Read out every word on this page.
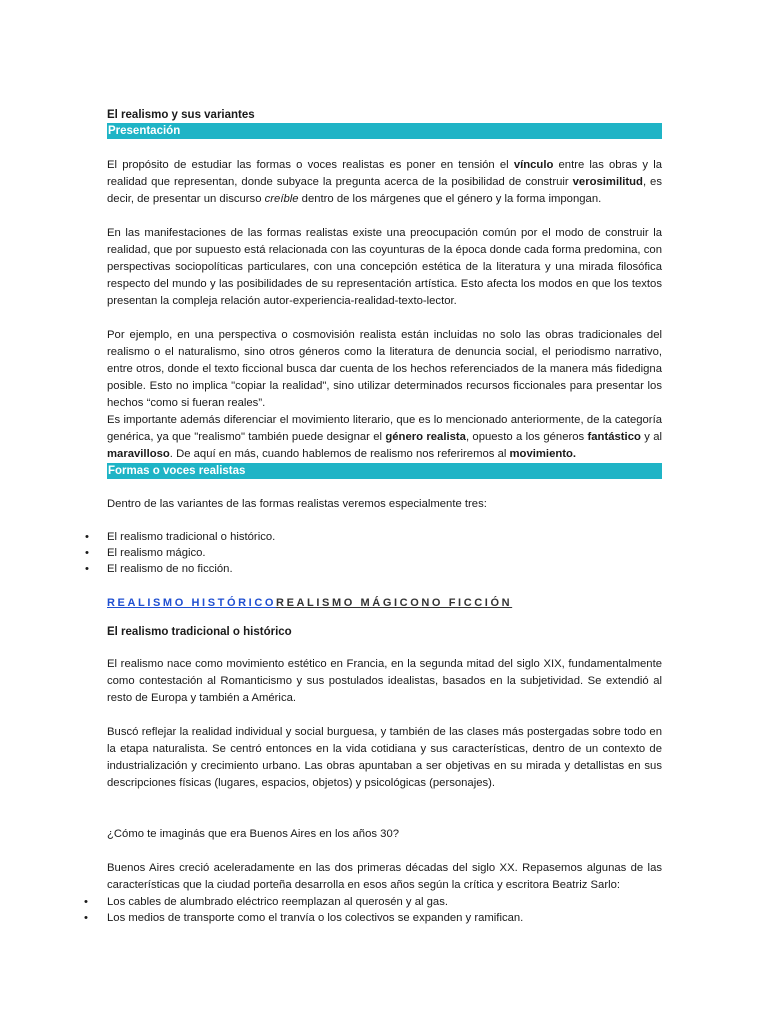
El realismo y sus variantes
Presentación

El propósito de estudiar las formas o voces realistas es poner en tensión el vínculo entre las obras y la realidad que representan, donde subyace la pregunta acerca de la posibilidad de construir verosimilitud, es decir, de presentar un discurso creíble dentro de los márgenes que el género y la forma impongan.

En las manifestaciones de las formas realistas existe una preocupación común por el modo de construir la realidad, que por supuesto está relacionada con las coyunturas de la época donde cada forma predomina, con perspectivas sociopolíticas particulares, con una concepción estética de la literatura y una mirada filosófica respecto del mundo y las posibilidades de su representación artística. Esto afecta los modos en que los textos presentan la compleja relación autor-experiencia-realidad-texto-lector.

Por ejemplo, en una perspectiva o cosmovisión realista están incluidas no solo las obras tradicionales del realismo o el naturalismo, sino otros géneros como la literatura de denuncia social, el periodismo narrativo, entre otros, donde el texto ficcional busca dar cuenta de los hechos referenciados de la manera más fidedigna posible. Esto no implica "copiar la realidad", sino utilizar determinados recursos ficcionales para presentar los hechos “como si fueran reales”.

Es importante además diferenciar el movimiento literario, que es lo mencionado anteriormente, de la categoría genérica, ya que "realismo" también puede designar el género realista, opuesto a los géneros fantástico y al maravilloso. De aquí en más, cuando hablemos de realismo nos referiremos al movimiento.

Formas o voces realistas

Dentro de las variantes de las formas realistas veremos especialmente tres:

• El realismo tradicional o histórico.
• El realismo mágico.
• El realismo de no ficción.
REALISMO HISTÓRICOREALISMO MÁGICONO FICCIÓN
El realismo tradicional o histórico

El realismo nace como movimiento estético en Francia, en la segunda mitad del siglo XIX, fundamentalmente como contestación al Romanticismo y sus postulados idealistas, basados en la subjetividad. Se extendió al resto de Europa y también a América.

Buscó reflejar la realidad individual y social burguesa, y también de las clases más postergadas sobre todo en la etapa naturalista. Se centró entonces en la vida cotidiana y sus características, dentro de un contexto de industrialización y crecimiento urbano. Las obras apuntaban a ser objetivas en su mirada y detallistas en sus descripciones físicas (lugares, espacios, objetos) y psicológicas (personajes).

¿Cómo te imaginás que era Buenos Aires en los años 30?

Buenos Aires creció aceleradamente en las dos primeras décadas del siglo XX. Repasemos algunas de las características que la ciudad porteña desarrolla en esos años según la crítica y escritora Beatriz Sarlo:

• Los cables de alumbrado eléctrico reemplazan al querosén y al gas.
• Los medios de transporte como el tranvía o los colectivos se expanden y ramifican.
